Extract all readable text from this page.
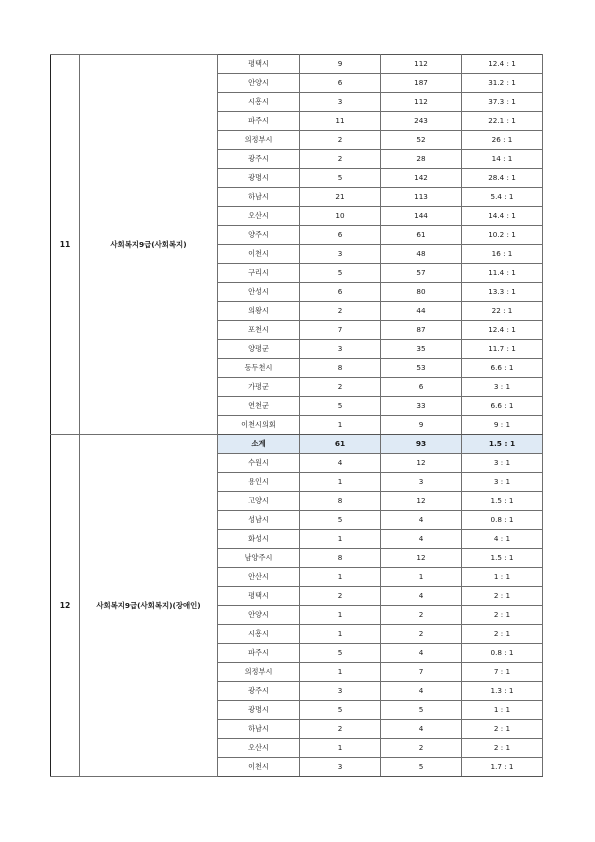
11	사회복지9급(사회복지)	평택시	9	112	12.4 : 1
		안양시	6	187	31.2 : 1
		시흥시	3	112	37.3 : 1
		파주시	11	243	22.1 : 1
		의정부시	2	52	26 : 1
		광주시	2	28	14 : 1
		광명시	5	142	28.4 : 1
		하남시	21	113	5.4 : 1
		오산시	10	144	14.4 : 1
		양주시	6	61	10.2 : 1
		이천시	3	48	16 : 1
		구리시	5	57	11.4 : 1
		안성시	6	80	13.3 : 1
		의왕시	2	44	22 : 1
		포천시	7	87	12.4 : 1
		양평군	3	35	11.7 : 1
		동두천시	8	53	6.6 : 1
		가평군	2	6	3 : 1
		연천군	5	33	6.6 : 1
		이천시의회	1	9	9 : 1
12	사회복지9급(사회복지)(장애인)	소계	61	93	1.5 : 1
		수원시	4	12	3 : 1
		용인시	1	3	3 : 1
		고양시	8	12	1.5 : 1
		성남시	5	4	0.8 : 1
		화성시	1	4	4 : 1
		남양주시	8	12	1.5 : 1
		안산시	1	1	1 : 1
		평택시	2	4	2 : 1
		안양시	1	2	2 : 1
		시흥시	1	2	2 : 1
		파주시	5	4	0.8 : 1
		의정부시	1	7	7 : 1
		광주시	3	4	1.3 : 1
		광명시	5	5	1 : 1
		하남시	2	4	2 : 1
		오산시	1	2	2 : 1
		이천시	3	5	1.7 : 1
